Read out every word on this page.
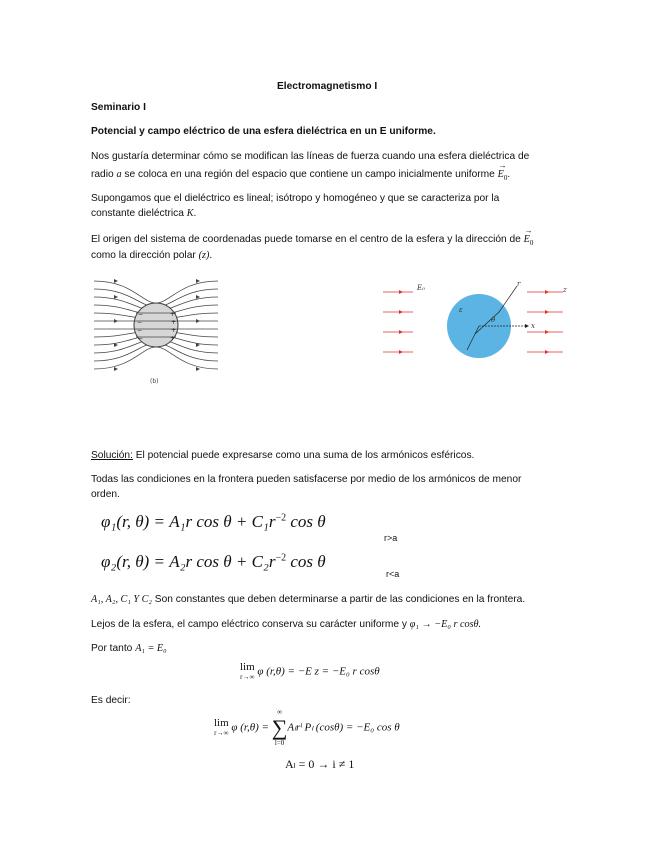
Electromagnetismo I
Seminario I
Potencial y campo eléctrico de una esfera dieléctrica en un E uniforme.
Nos gustaría determinar cómo se modifican las líneas de fuerza cuando una esfera dieléctrica de
radio a se coloca en una región del espacio que contiene un campo inicialmente uniforme → $E_0$.
Supongamos que el dieléctrico es lineal; isótropo y homogéneo y que se caracteriza por la
constante dieléctrica K.
El origen del sistema de coordenadas puede tomarse en el centro de la esfera y la dirección de → $E_0$
como la dirección polar (z).
−
−
−
−
+
+
+
+
(b)
E₀	z
r
θ
ε
x
Solución: El potencial puede expresarse como una suma de los armónicos esféricos.
Todas las condiciones en la frontera pueden satisfacerse por medio de los armónicos de menor
orden.
φ₁(r, θ) = A₁r $\cos \theta + C_1r^{-2}$ cos θ
r>a
φ₂(r, θ) = A₂r $\cos \theta + C_2r^{-2}$ cos θ
r<a
A₁, A₂, C₁ Y C₂ Son constantes que deben determinarse a partir de las condiciones en la frontera.
Lejos de la esfera, el campo eléctrico conserva su carácter uniforme y φ₁ → −E₀ r cosθ.
Por tanto A₁ = E₀
lim
r→∞ φ (r,θ) = −E z = −E₀ r cosθ
Es decir:
lim
r→∞ φ (r,θ) =
∞
∑
l=0
Aₗrˡ Pₗ (cosθ) = −E₀ cos θ
Aₗ = 0 → i ≠ 1
